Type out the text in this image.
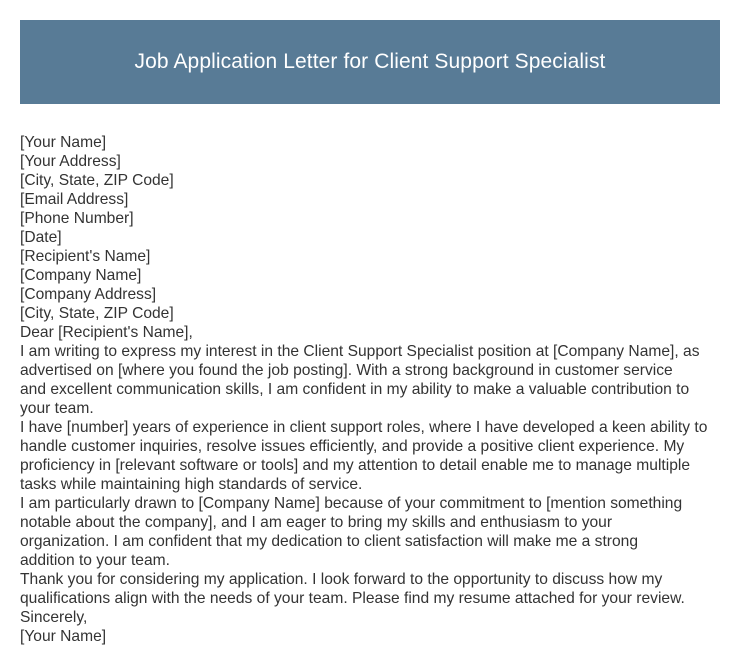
Job Application Letter for Client Support Specialist
[Your Name]
[Your Address]
[City, State, ZIP Code]
[Email Address]
[Phone Number]
[Date]
[Recipient's Name]
[Company Name]
[Company Address]
[City, State, ZIP Code]
Dear [Recipient's Name],
I am writing to express my interest in the Client Support Specialist position at [Company Name], as
advertised on [where you found the job posting]. With a strong background in customer service
and excellent communication skills, I am confident in my ability to make a valuable contribution to
your team.
I have [number] years of experience in client support roles, where I have developed a keen ability to
handle customer inquiries, resolve issues efficiently, and provide a positive client experience. My
proficiency in [relevant software or tools] and my attention to detail enable me to manage multiple
tasks while maintaining high standards of service.
I am particularly drawn to [Company Name] because of your commitment to [mention something
notable about the company], and I am eager to bring my skills and enthusiasm to your
organization. I am confident that my dedication to client satisfaction will make me a strong
addition to your team.
Thank you for considering my application. I look forward to the opportunity to discuss how my
qualifications align with the needs of your team. Please find my resume attached for your review.
Sincerely,
[Your Name]
